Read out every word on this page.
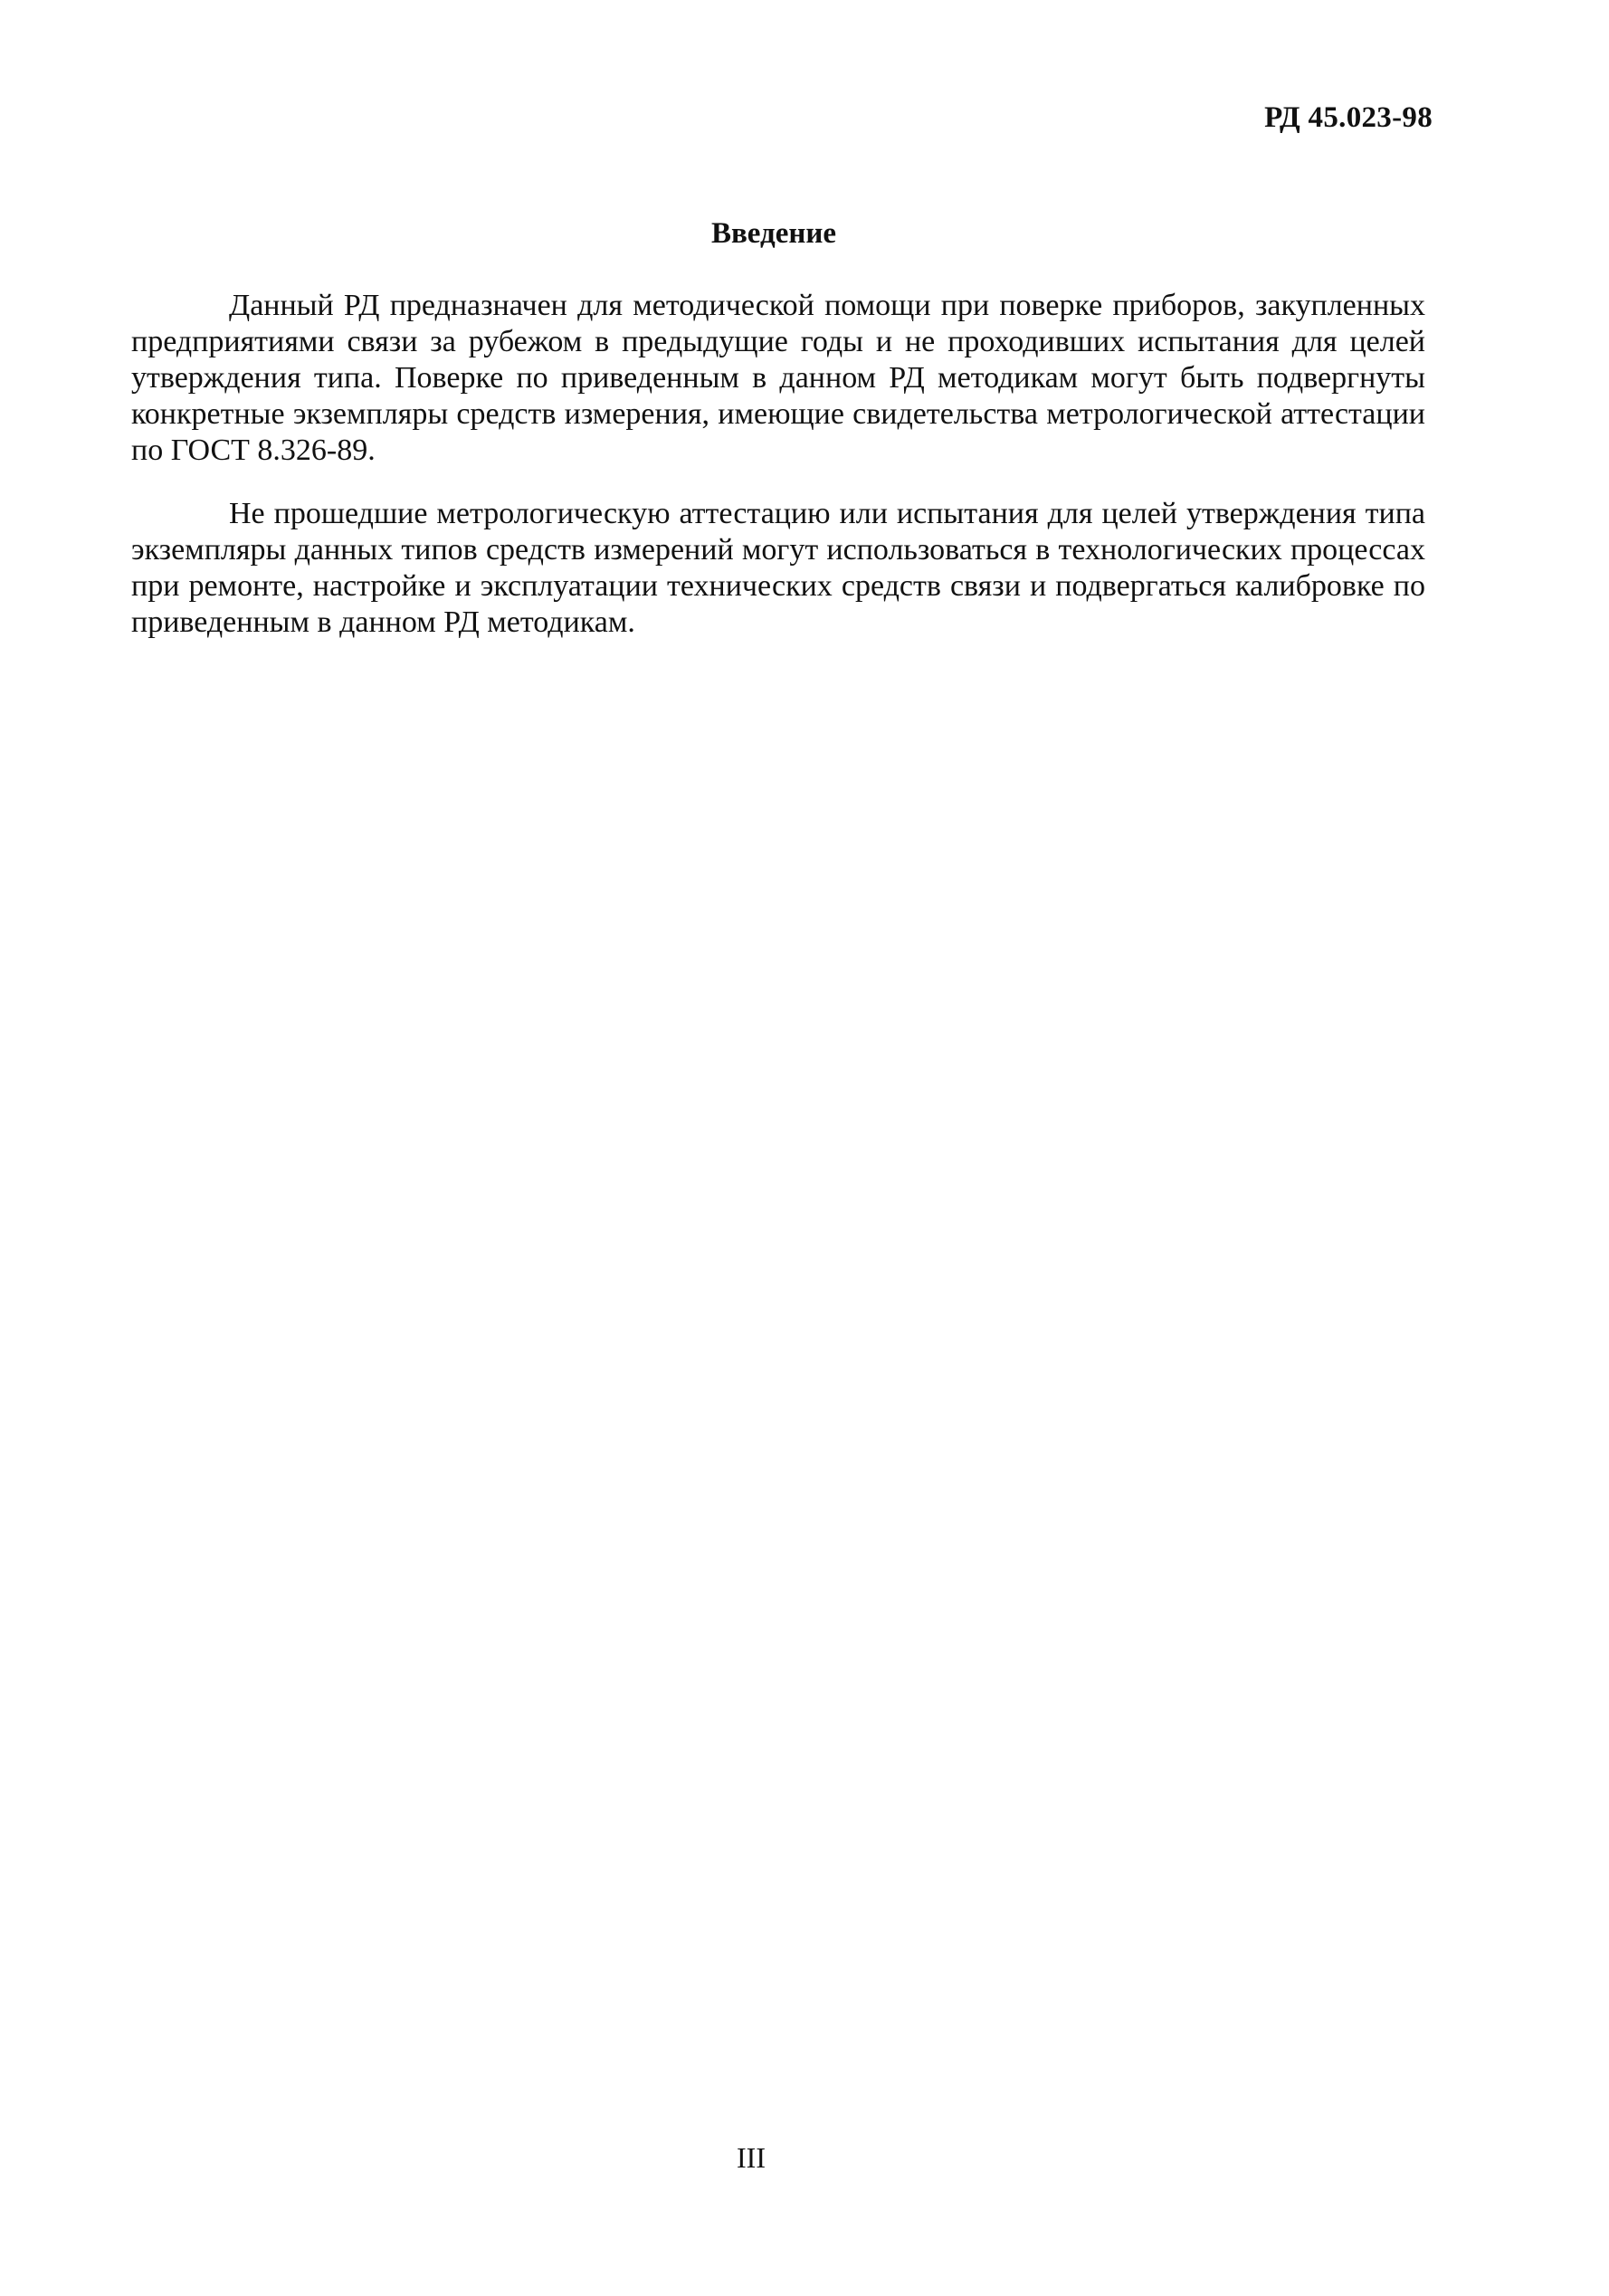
РД 45.023-98
Введение

Данный РД предназначен для методической помощи при поверке приборов, закупленных предприятиями связи за рубежом в предыдущие годы и не проходивших испытания для целей утверждения типа. Поверке по приведенным в данном РД методикам могут быть подвергнуты конкретные экземпляры средств измерения, имеющие свидетельства метрологической аттестации по ГОСТ 8.326-89.

Не прошедшие метрологическую аттестацию или испытания для целей утверждения типа экземпляры данных типов средств измерений могут использоваться в технологических процессах при ремонте, настройке и эксплуатации технических средств связи и подвергаться калибровке по приведенным в данном РД методикам.

III
